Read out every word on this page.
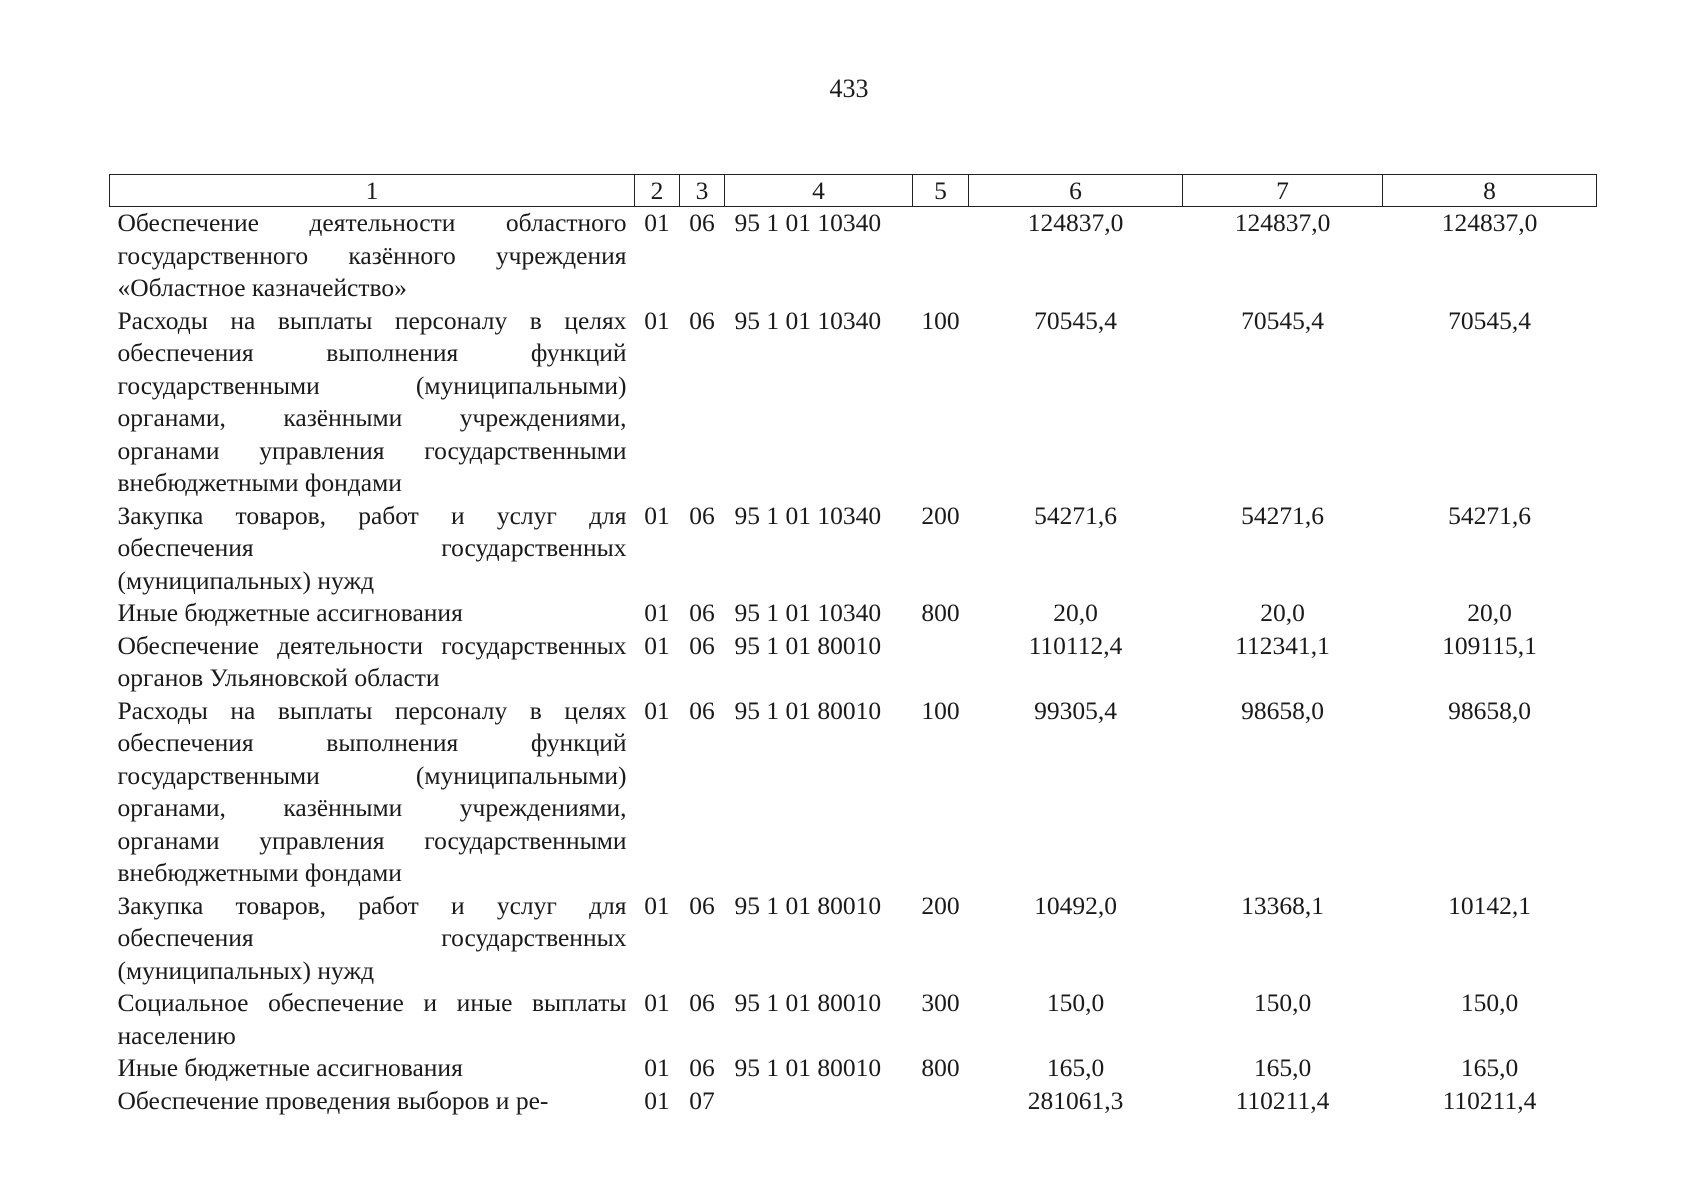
433
1	2	3	4	5	6	7	8
Обеспечение деятельности областного государственного казённого учреждения «Областное казначейство»	01	06	95 1 01 10340		124837,0	124837,0	124837,0
Расходы на выплаты персоналу в целях обеспечения выполнения функций государственными (муниципальными) органами, казёнными учреждениями, органами управления государственными внебюджетными фондами	01	06	95 1 01 10340	100	70545,4	70545,4	70545,4
Закупка товаров, работ и услуг для обеспечения государственных (муниципальных) нужд	01	06	95 1 01 10340	200	54271,6	54271,6	54271,6
Иные бюджетные ассигнования	01	06	95 1 01 10340	800	20,0	20,0	20,0
Обеспечение деятельности государственных органов Ульяновской области	01	06	95 1 01 80010		110112,4	112341,1	109115,1
Расходы на выплаты персоналу в целях обеспечения выполнения функций государственными (муниципальными) органами, казёнными учреждениями, органами управления государственными внебюджетными фондами	01	06	95 1 01 80010	100	99305,4	98658,0	98658,0
Закупка товаров, работ и услуг для обеспечения государственных (муниципальных) нужд	01	06	95 1 01 80010	200	10492,0	13368,1	10142,1
Социальное обеспечение и иные выплаты населению	01	06	95 1 01 80010	300	150,0	150,0	150,0
Иные бюджетные ассигнования	01	06	95 1 01 80010	800	165,0	165,0	165,0
Обеспечение проведения выборов и ре-	01	07			281061,3	110211,4	110211,4
